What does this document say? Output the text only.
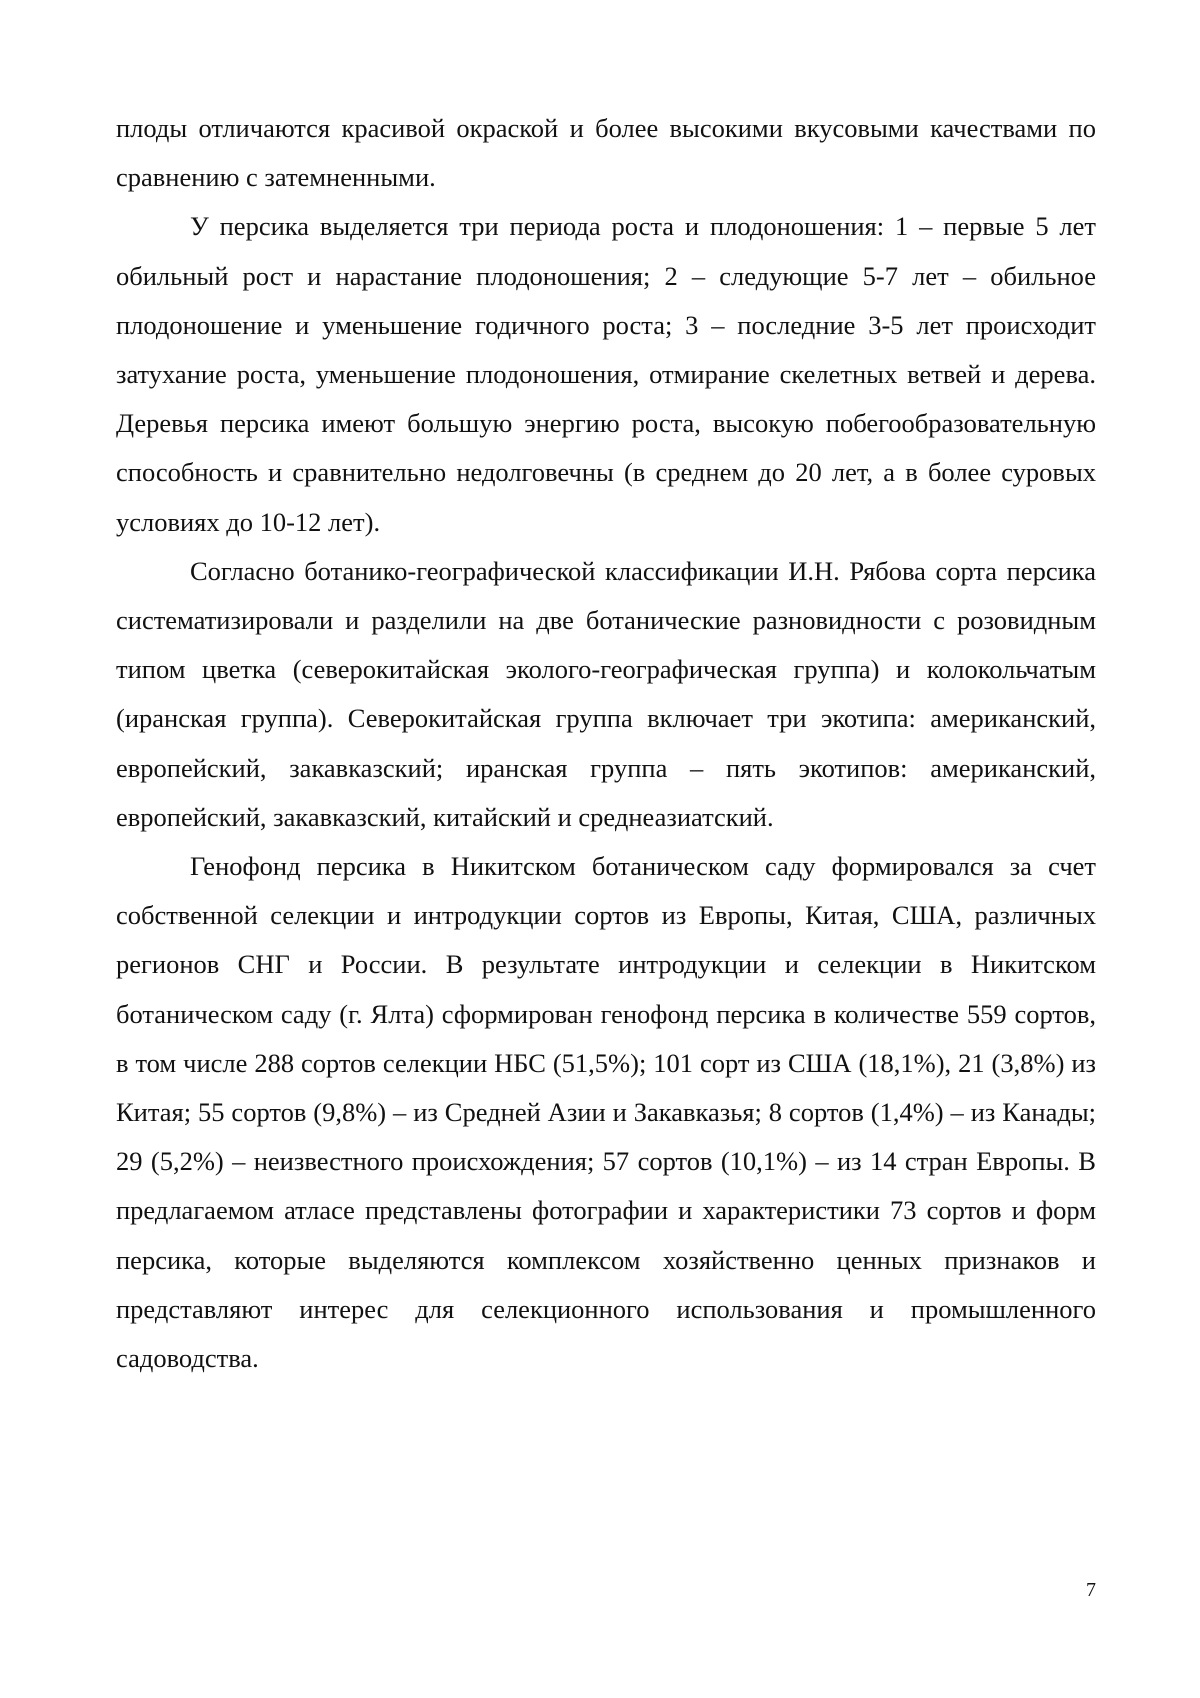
плоды отличаются красивой окраской и более высокими вкусовыми качествами по сравнению с затемненными.

У персика выделяется три периода роста и плодоношения: 1 – первые 5 лет обильный рост и нарастание плодоношения; 2 – следующие 5-7 лет – обильное плодоношение и уменьшение годичного роста; 3 – последние 3-5 лет происходит затухание роста, уменьшение плодоношения, отмирание скелетных ветвей и дерева. Деревья персика имеют большую энергию роста, высокую побегообразовательную способность и сравнительно недолговечны (в среднем до 20 лет, а в более суровых условиях до 10-12 лет).

Согласно ботанико-географической классификации И.Н. Рябова сорта персика систематизировали и разделили на две ботанические разновидности с розовидным типом цветка (северокитайская эколого-географическая группа) и колокольчатым (иранская группа). Северокитайская группа включает три экотипа: американский, европейский, закавказский; иранская группа – пять экотипов: американский, европейский, закавказский, китайский и среднеазиатский.

Генофонд персика в Никитском ботаническом саду формировался за счет собственной селекции и интродукции сортов из Европы, Китая, США, различных регионов СНГ и России. В результате интродукции и селекции в Никитском ботаническом саду (г. Ялта) сформирован генофонд персика в количестве 559 сортов, в том числе 288 сортов селекции НБС (51,5%); 101 сорт из США (18,1%), 21 (3,8%) из Китая; 55 сортов (9,8%) – из Средней Азии и Закавказья; 8 сортов (1,4%) – из Канады; 29 (5,2%) – неизвестного происхождения; 57 сортов (10,1%) – из 14 стран Европы. В предлагаемом атласе представлены фотографии и характеристики 73 сортов и форм персика, которые выделяются комплексом хозяйственно ценных признаков и представляют интерес для селекционного использования и промышленного садоводства.

7
